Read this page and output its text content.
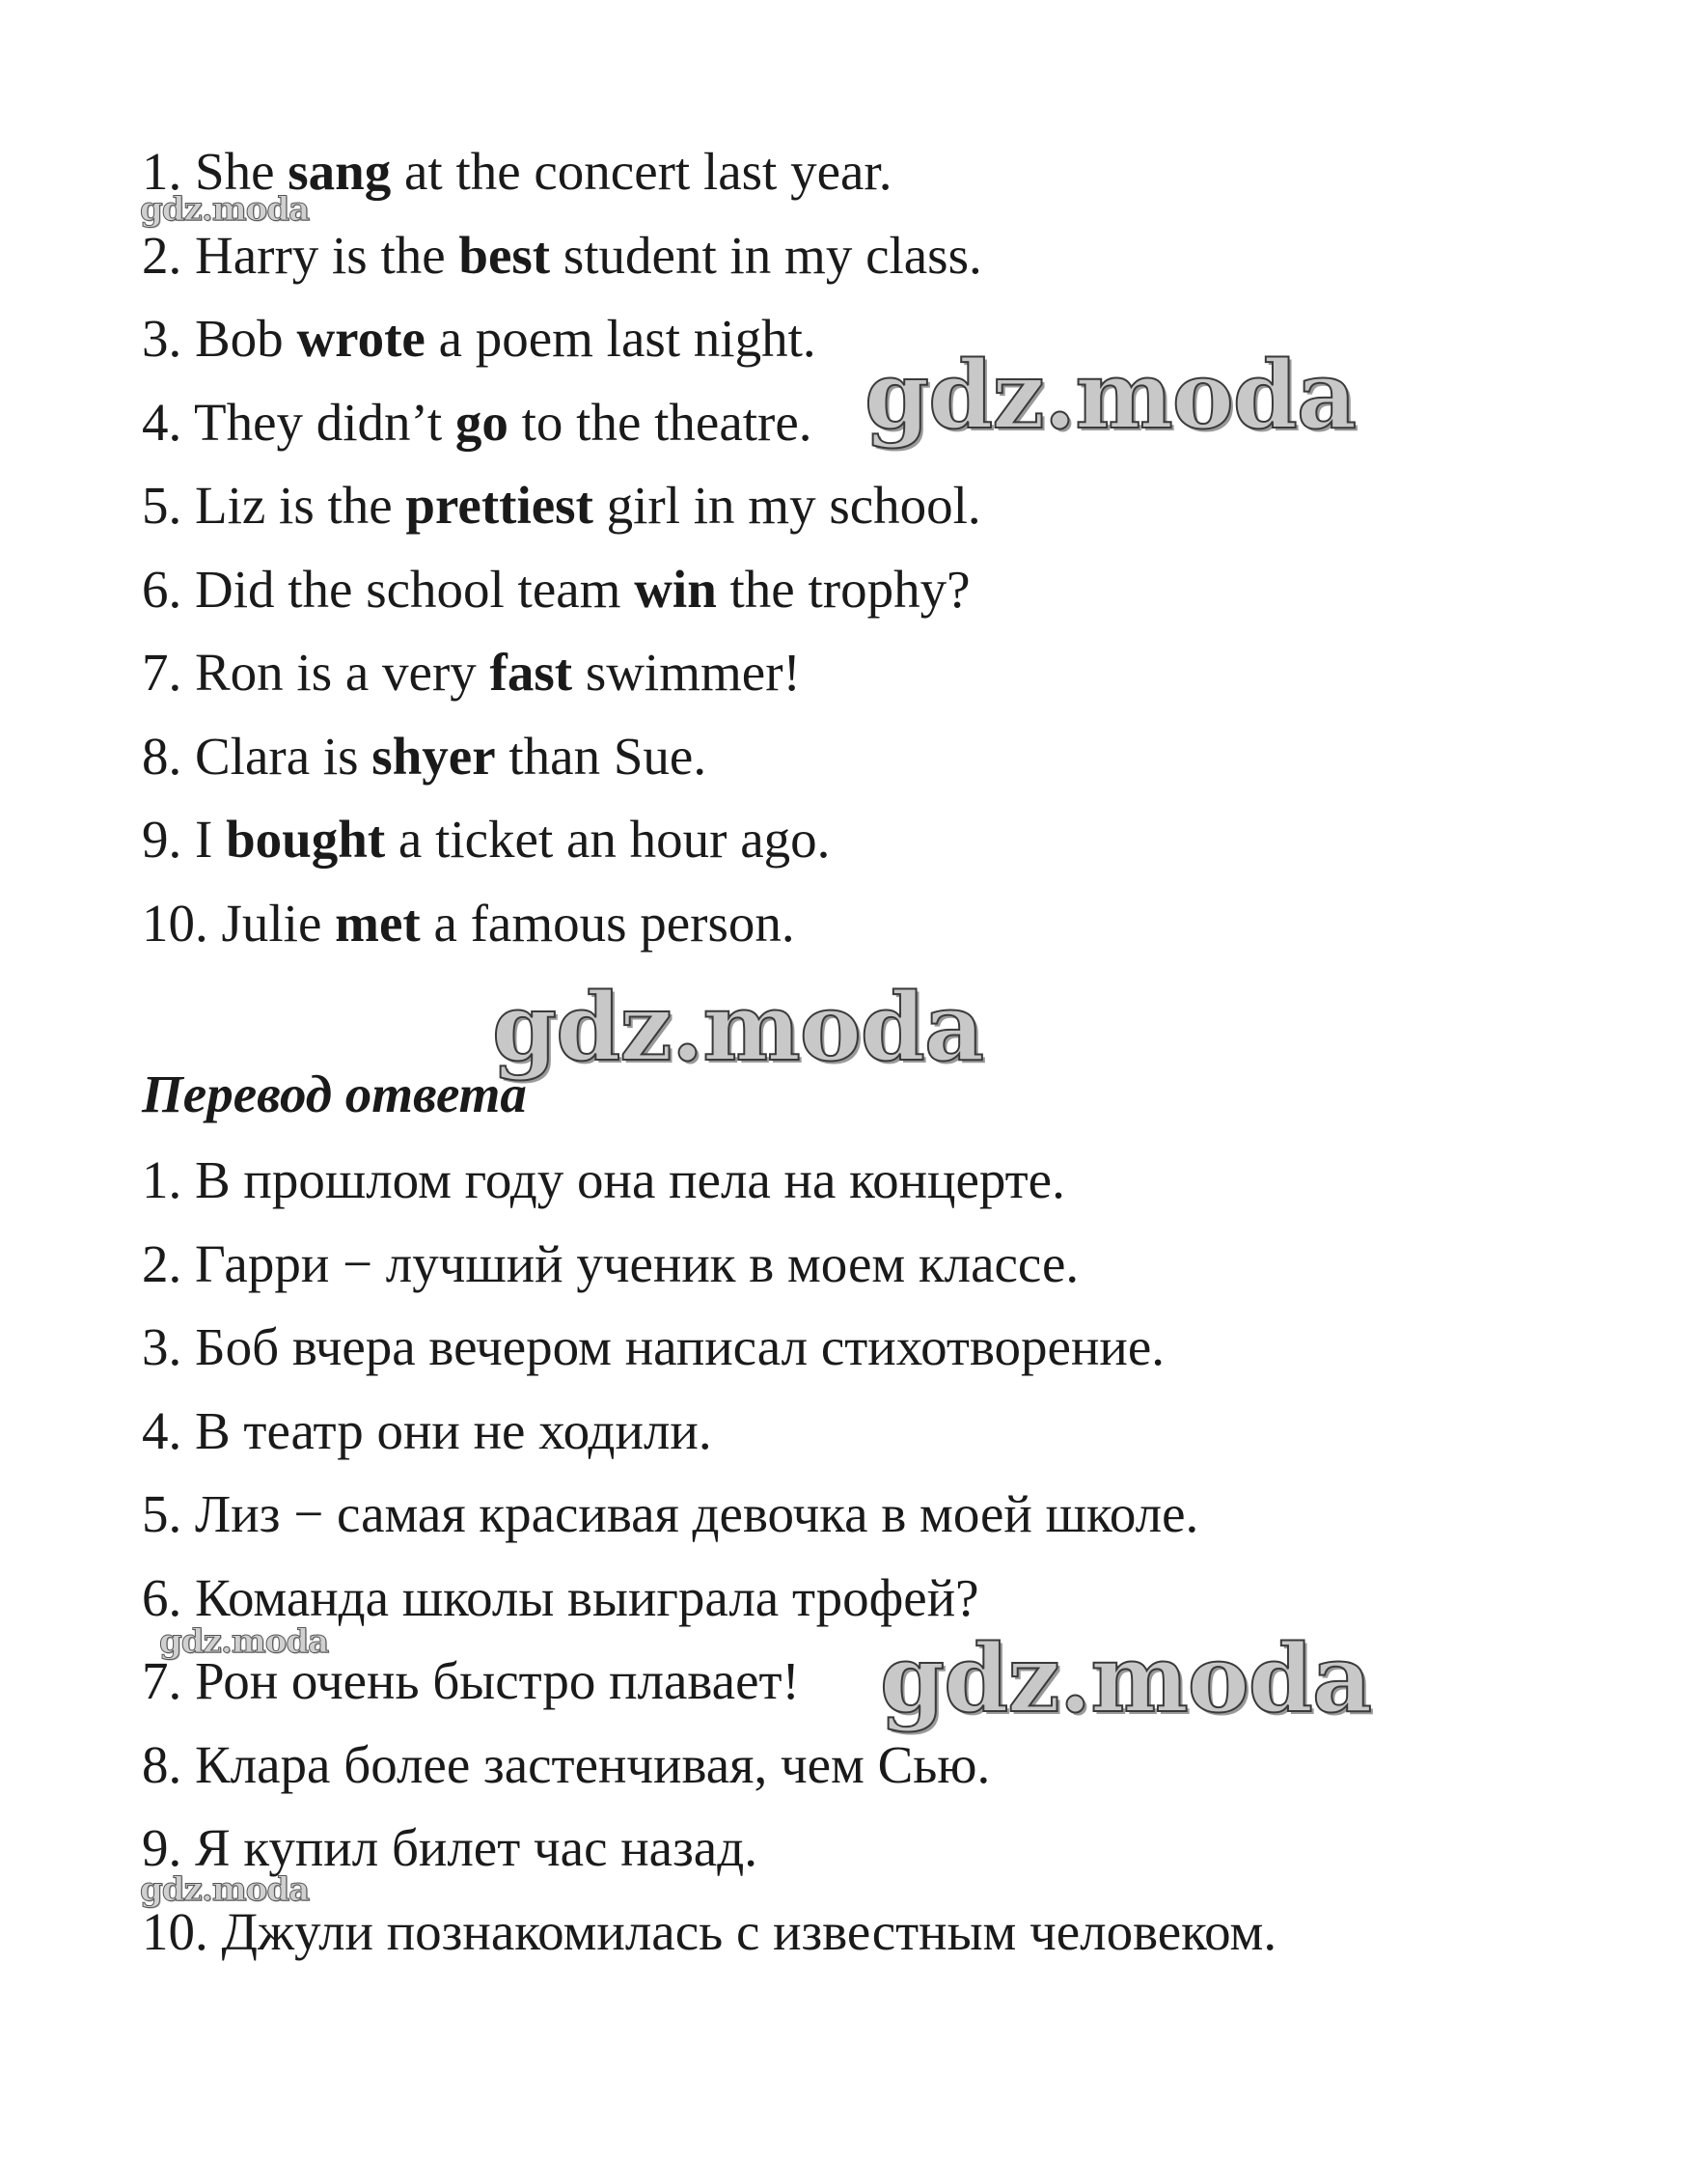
1. She sang at the concert last year.
2. Harry is the best student in my class.
3. Bob wrote a poem last night.
4. They didn’t go to the theatre.
5. Liz is the prettiest girl in my school.
6. Did the school team win the trophy?
7. Ron is a very fast swimmer!
8. Clara is shyer than Sue.
9. I bought a ticket an hour ago.
10. Julie met a famous person.
Перевод ответа
1. В прошлом году она пела на концерте.
2. Гарри − лучший ученик в моем классе.
3. Боб вчера вечером написал стихотворение.
4. В театр они не ходили.
5. Лиз − самая красивая девочка в моей школе.
6. Команда школы выиграла трофей?
7. Рон очень быстро плавает!
8. Клара более застенчивая, чем Сью.
9. Я купил билет час назад.
10. Джули познакомилась с известным человеком.
gdz.moda
gdz.moda
gdz.moda
gdz.moda	gdz.moda
gdz.moda
